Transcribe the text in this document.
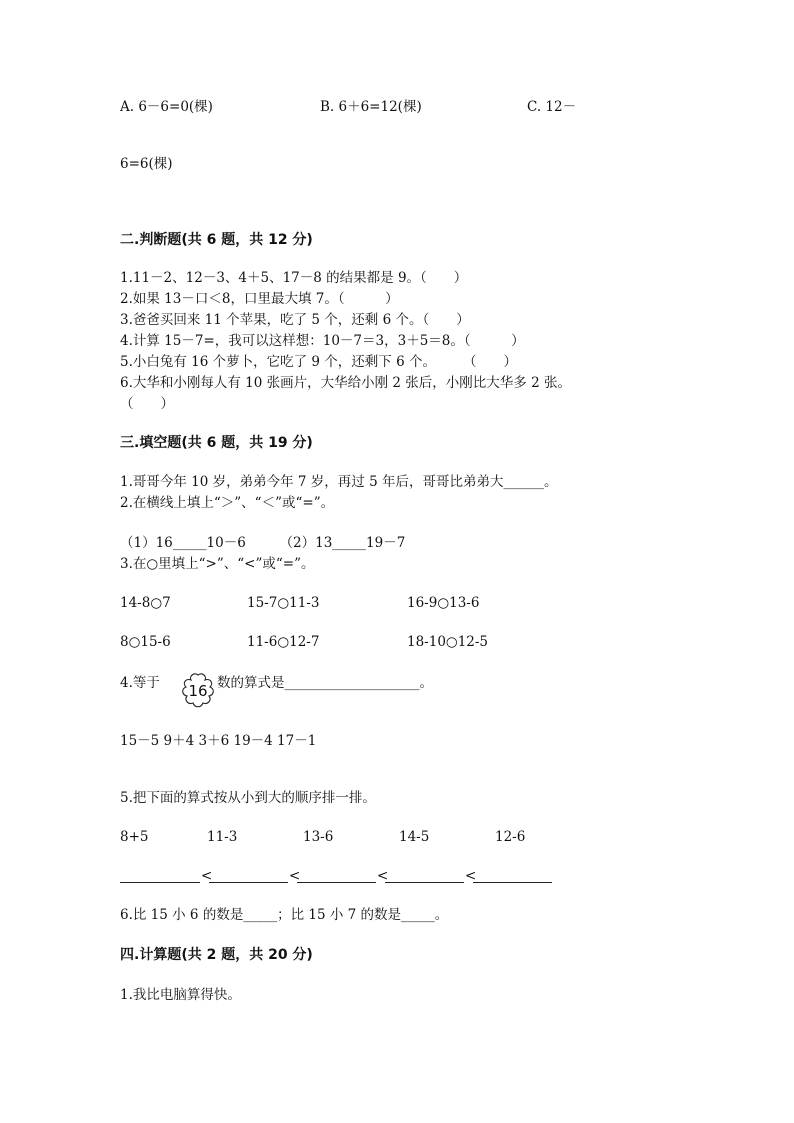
A. 6－6=0(棵)	B. 6＋6=12(棵)	C. 12－
6=6(棵)
二.判断题(共 6 题，共 12 分)
1.11－2、12－3、4＋5、17－8 的结果都是 9。（　　）
2.如果 13－口＜8，口里最大填 7。（　　　）
3.爸爸买回来 11 个苹果，吃了 5 个，还剩 6 个。（　　）
4.计算 15－7=，我可以这样想：10－7＝3，3＋5＝8。（　　　）
5.小白兔有 16 个萝卜，它吃了 9 个，还剩下 6 个。　　　（　　）
6.大华和小刚每人有 10 张画片，大华给小刚 2 张后，小刚比大华多 2 张。
（　　）
三.填空题(共 6 题，共 19 分)
1.哥哥今年 10 岁，弟弟今年 7 岁，再过 5 年后，哥哥比弟弟大______。
2.在横线上填上“＞”、“＜”或“=”。
（1）16_____10－6　　　（2）13_____19－7
3.在○里填上“>”、“<”或“=”。
14-8○7	15-7○11-3	16-9○13-6
8○15-6	11-6○12-7	18-10○12-5
4.等于 16 数的算式是____________________。
15－5 9＋4 3＋6 19－4 17－1
5.把下面的算式按从小到大的顺序排一排。
8+5	11-3	13-6	14-5	12-6
<	<	<	<
6.比 15 小 6 的数是_____；比 15 小 7 的数是_____。
四.计算题(共 2 题，共 20 分)
1.我比电脑算得快。
